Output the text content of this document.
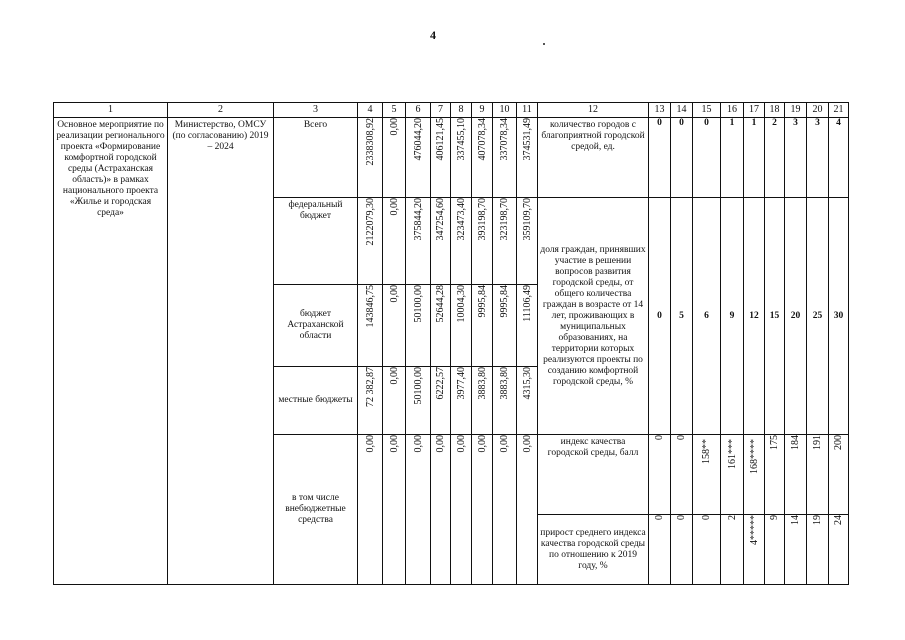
4
1	2	3	4	5	6	7	8	9	10	11	12	13	14	15	16	17	18	19	20	21
Основное мероприятие по реализации регионального проекта «Формирование комфортной городской среды (Астраханская область)» в рамках национального проекта «Жилье и городская среда»	Министерство, ОМСУ (по согласованию) 2019 – 2024	Всего	2338308,92	0,00	476044,20	406121,45	337455,10	407078,34	337078,34	374531,49	количество городов с благоприятной городской средой, ед.	0	0	0	1	1	2	3	3	4
		федеральный бюджет	2122079,30	0,00	375844,20	347254,60	323473,40	393198,70	323198,70	359109,70	доля граждан, принявших участие в решении вопросов развития городской среды, от общего количества граждан в возрасте от 14 лет, проживающих в муниципальных образованиях, на территории которых реализуются проекты по созданию комфортной городской среды, %	0	5	6	9	12	15	20	25	30
		бюджет Астраханской области	143846,75	0,00	50100,00	52644,28	10004,30	9995,84	9995,84	11106,49										

		местные бюджеты	72 382,87	0,00	50100,00	6222,57	3977,40	3883,80	3883,80	4315,30										

		в том числе внебюджетные средства	0,00	0,00	0,00	0,00	0,00	0,00	0,00	0,00	индекс качества городской среды, балл	0	0	158**	161***	168****	175	184	191	200

											прирост среднего индекса качества городской среды по отношению к 2019 году, %	0	0	0	2	4*****	9	14	19	24
